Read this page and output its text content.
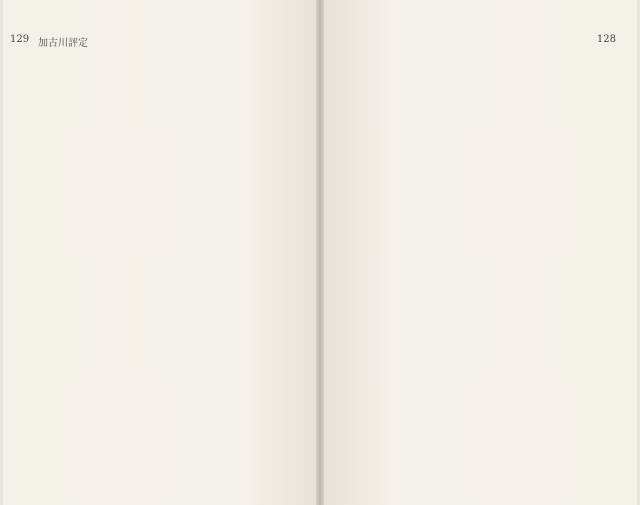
129 加古川評定	128
